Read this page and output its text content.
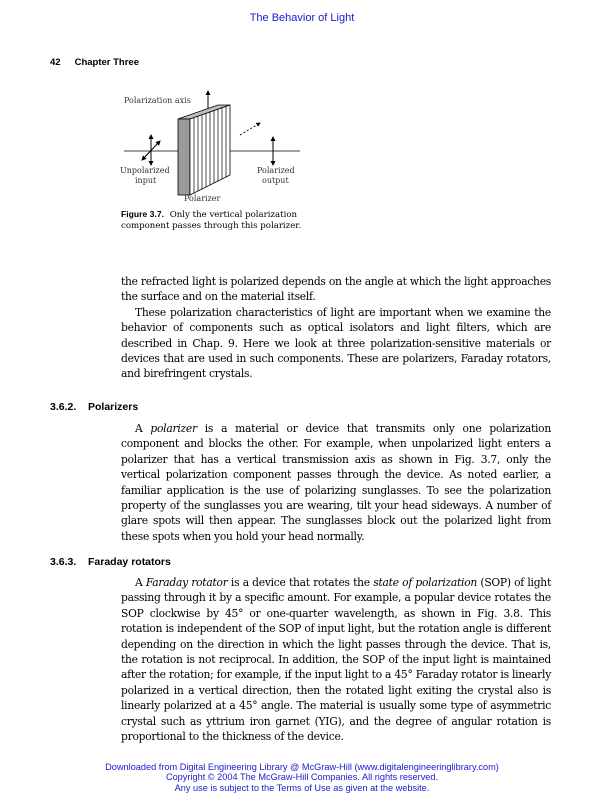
The Behavior of Light
42 Chapter Three
Polarization axis
Unpolarized
input
Polarized
output
Polarizer
Figure 3.7. Only the vertical polarization component passes through this polarizer.

the refracted light is polarized depends on the angle at which the light approaches the surface and on the material itself.

These polarization characteristics of light are important when we examine the behavior of components such as optical isolators and light filters, which are described in Chap. 9. Here we look at three polarization-sensitive materials or devices that are used in such components. These are polarizers, Faraday rotators, and birefringent crystals.

3.6.2. Polarizers

A polarizer is a material or device that transmits only one polarization component and blocks the other. For example, when unpolarized light enters a polarizer that has a vertical transmission axis as shown in Fig. 3.7, only the vertical polarization component passes through the device. As noted earlier, a familiar application is the use of polarizing sunglasses. To see the polarization property of the sunglasses you are wearing, tilt your head sideways. A number of glare spots will then appear. The sunglasses block out the polarized light from these spots when you hold your head normally.

3.6.3. Faraday rotators

A Faraday rotator is a device that rotates the state of polarization (SOP) of light passing through it by a specific amount. For example, a popular device rotates the SOP clockwise by 45° or one-quarter wavelength, as shown in Fig. 3.8. This rotation is independent of the SOP of input light, but the rotation angle is different depending on the direction in which the light passes through the device. That is, the rotation is not reciprocal. In addition, the SOP of the input light is maintained after the rotation; for example, if the input light to a 45° Faraday rotator is linearly polarized in a vertical direction, then the rotated light exiting the crystal also is linearly polarized at a 45° angle. The material is usually some type of asymmetric crystal such as yttrium iron garnet (YIG), and the degree of angular rotation is proportional to the thickness of the device.

Downloaded from Digital Engineering Library @ McGraw-Hill (www.digitalengineeringlibrary.com)
Copyright © 2004 The McGraw-Hill Companies. All rights reserved.
Any use is subject to the Terms of Use as given at the website.
